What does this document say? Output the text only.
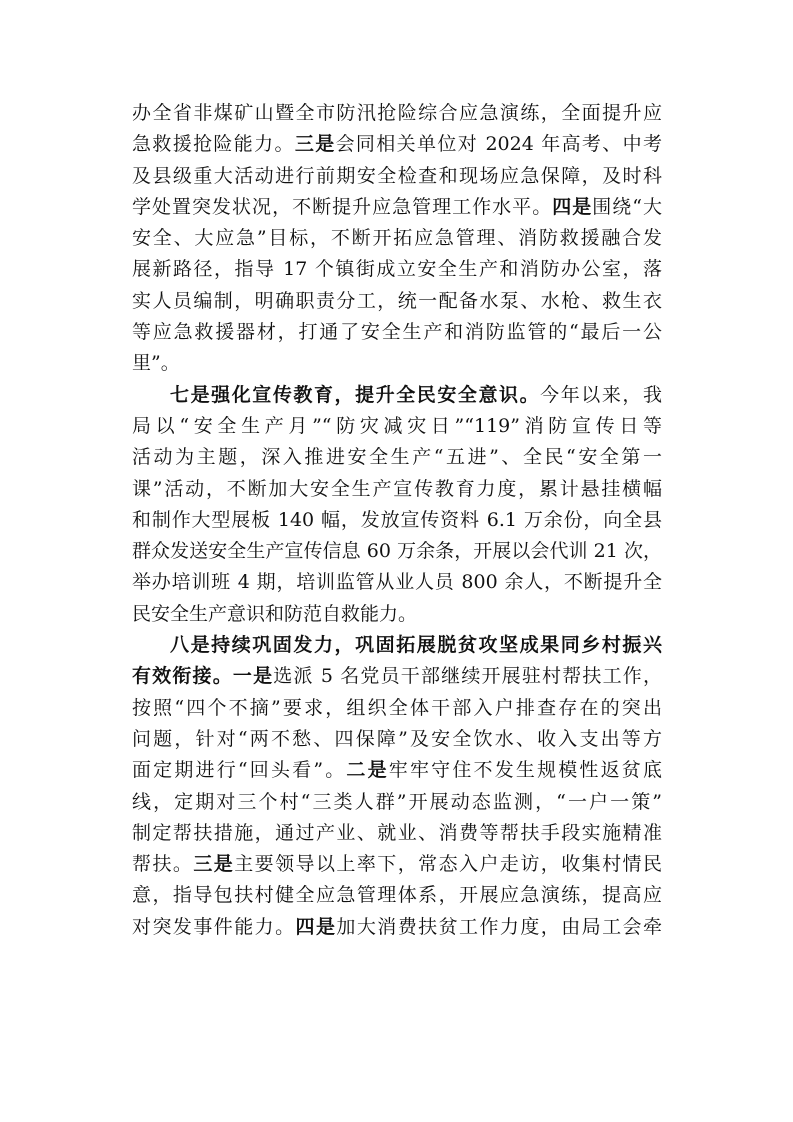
办全省非煤矿山暨全市防汛抢险综合应急演练，全面提升应
急救援抢险能力。三是会同相关单位对 2024 年高考、中考
及县级重大活动进行前期安全检查和现场应急保障，及时科
学处置突发状况，不断提升应急管理工作水平。四是围绕“大
安全、大应急”目标，不断开拓应急管理、消防救援融合发
展新路径，指导 17 个镇街成立安全生产和消防办公室，落
实人员编制，明确职责分工，统一配备水泵、水枪、救生衣
等应急救援器材，打通了安全生产和消防监管的“最后一公
里”。
七是强化宣传教育，提升全民安全意识。今年以来，我
局以“安全生产月”“防灾减灾日”“119”消防宣传日等
活动为主题，深入推进安全生产“五进”、全民“安全第一
课”活动，不断加大安全生产宣传教育力度，累计悬挂横幅
和制作大型展板 140 幅，发放宣传资料 6.1 万余份，向全县
群众发送安全生产宣传信息 60 万余条，开展以会代训 21 次，
举办培训班 4 期，培训监管从业人员 800 余人，不断提升全
民安全生产意识和防范自救能力。
八是持续巩固发力，巩固拓展脱贫攻坚成果同乡村振兴
有效衔接。一是选派 5 名党员干部继续开展驻村帮扶工作，
按照“四个不摘”要求，组织全体干部入户排查存在的突出
问题，针对“两不愁、四保障”及安全饮水、收入支出等方
面定期进行“回头看”。二是牢牢守住不发生规模性返贫底
线，定期对三个村“三类人群”开展动态监测，“一户一策”
制定帮扶措施，通过产业、就业、消费等帮扶手段实施精准
帮扶。三是主要领导以上率下，常态入户走访，收集村情民
意，指导包扶村健全应急管理体系，开展应急演练，提高应
对突发事件能力。四是加大消费扶贫工作力度，由局工会牵
